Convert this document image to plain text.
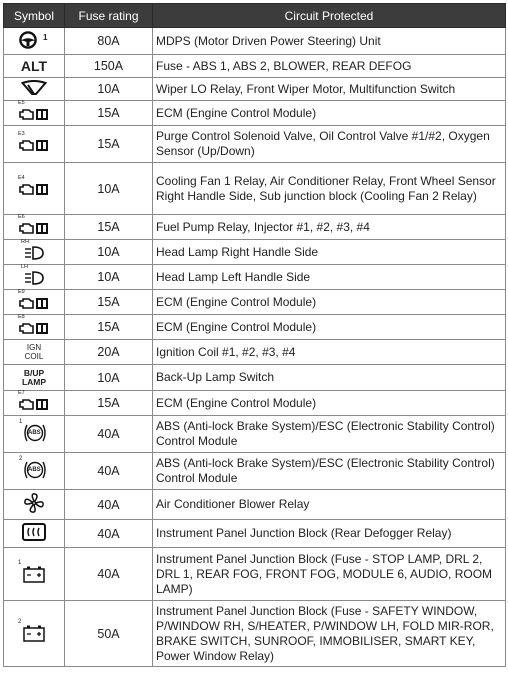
Symbol	Fuse rating	Circuit Protected

1	80A	MDPS (Motor Driven Power Steering) Unit
ALT	150A	Fuse - ABS 1, ABS 2, BLOWER, REAR DEFOG

	10A	Wiper LO Relay, Front Wiper Motor, Multifunction Switch

E5	15A	ECM (Engine Control Module)

E3	15A	Purge Control Solenoid Valve, Oil Control Valve #1/#2, Oxygen Sensor (Up/Down)

E4	10A	Cooling Fan 1 Relay, Air Conditioner Relay, Front Wheel Sensor Right Handle Side, Sub junction block (Cooling Fan 2 Relay)

E6	15A	Fuel Pump Relay, Injector #1, #2, #3, #4

RH	10A	Head Lamp Right Handle Side

LH	10A	Head Lamp Left Handle Side

E9	15A	ECM (Engine Control Module)

E8	15A	ECM (Engine Control Module)

IGN
COIL	20A	Ignition Coil #1, #2, #3, #4

B/UP
LAMP	10A	Back-Up Lamp Switch

E7	15A	ECM (Engine Control Module)

1
ABS	40A	ABS (Anti-lock Brake System)/ESC (Electronic Stability Control) Control Module

2
ABS	40A	ABS (Anti-lock Brake System)/ESC (Electronic Stability Control) Control Module

	40A	Air Conditioner Blower Relay

	40A	Instrument Panel Junction Block (Rear Defogger Relay)

1	40A	Instrument Panel Junction Block (Fuse - STOP LAMP, DRL 2, DRL 1, REAR FOG, FRONT FOG, MODULE 6, AUDIO, ROOM LAMP)

2	50A	Instrument Panel Junction Block (Fuse - SAFETY WINDOW, P/WINDOW RH, S/HEATER, P/WINDOW LH, FOLD MIR-ROR, BRAKE SWITCH, SUNROOF, IMMOBILISER, SMART KEY, Power Window Relay)
